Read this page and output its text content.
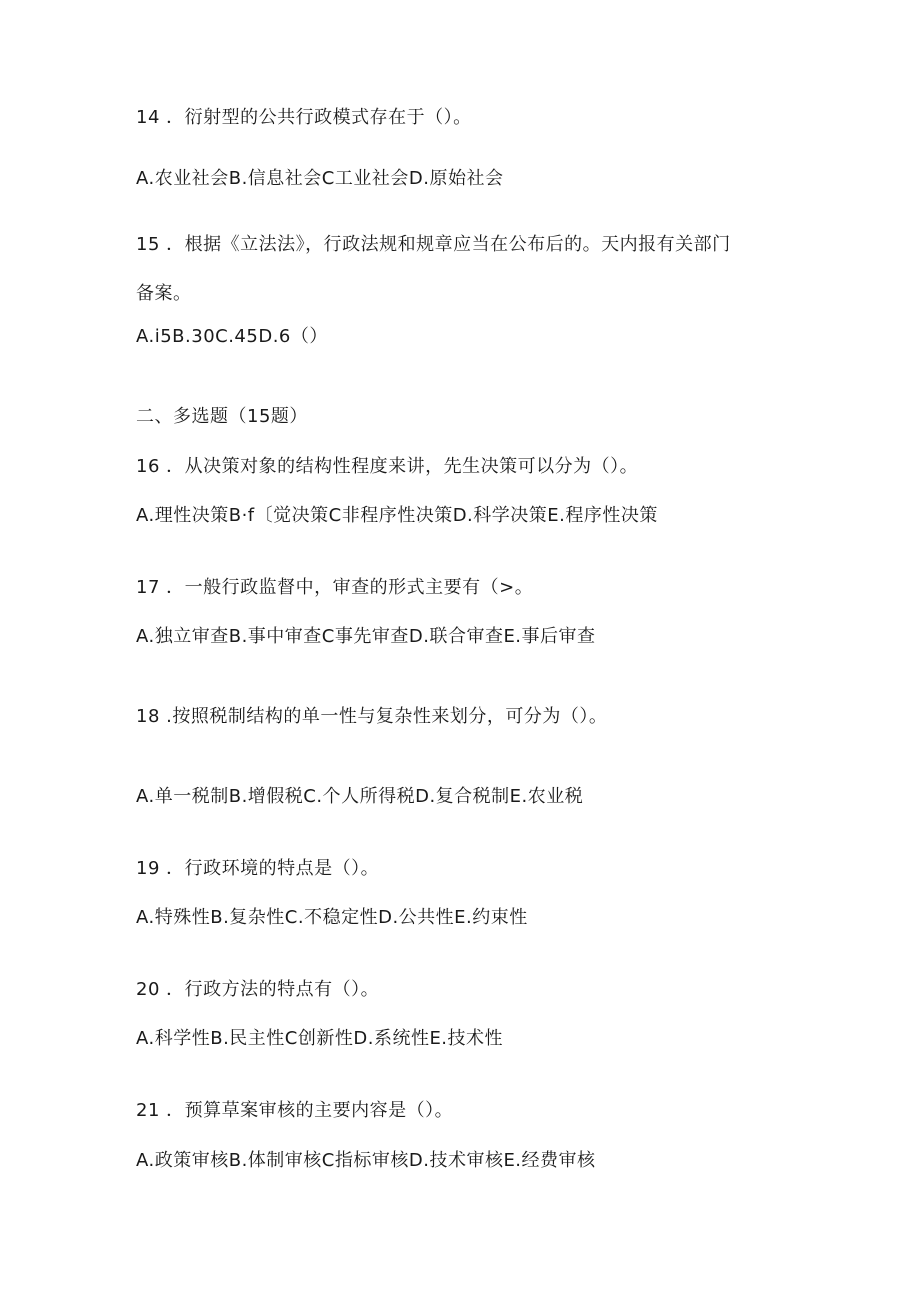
14 ．衍射型的公共行政模式存在于（）。
A.农业社会B.信息社会C工业社会D.原始社会
15 ．根据《立法法》，行政法规和规章应当在公布后的。天内报有关部门
备案。
A.i5B.30C.45D.6（）
二、多选题（15题）
16 ．从决策对象的结构性程度来讲，先生决策可以分为（）。
A.理性决策B·f〔觉决策C非程序性决策D.科学决策E.程序性决策
17 ．一般行政监督中，审查的形式主要有（>。
A.独立审查B.事中审查C事先审查D.联合审查E.事后审查
18 .按照税制结构的单一性与复杂性来划分，可分为（）。
A.单一税制B.增假税C.个人所得税D.复合税制E.农业税
19 ．行政环境的特点是（）。
A.特殊性B.复杂性C.不稳定性D.公共性E.约束性
20 ．行政方法的特点有（）。
A.科学性B.民主性C创新性D.系统性E.技术性
21 ．预算草案审核的主要内容是（）。
A.政策审核B.体制审核C指标审核D.技术审核E.经费审核
